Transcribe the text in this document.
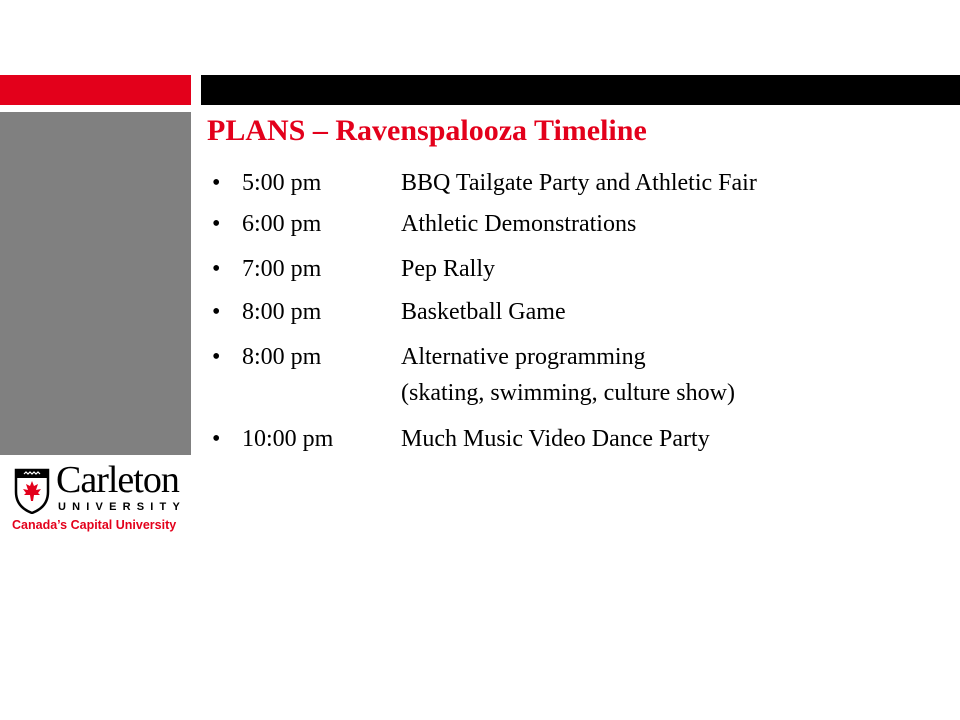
PLANS – Ravenspalooza Timeline
• 5:00 pm	BBQ Tailgate Party and Athletic Fair
• 6:00 pm	Athletic Demonstrations
• 7:00 pm	Pep Rally
• 8:00 pm	Basketball Game
• 8:00 pm	Alternative programming
(skating, swimming, culture show)
• 10:00 pm	Much Music Video Dance Party
Carleton
UNIVERSITY
Canada’s Capital University
